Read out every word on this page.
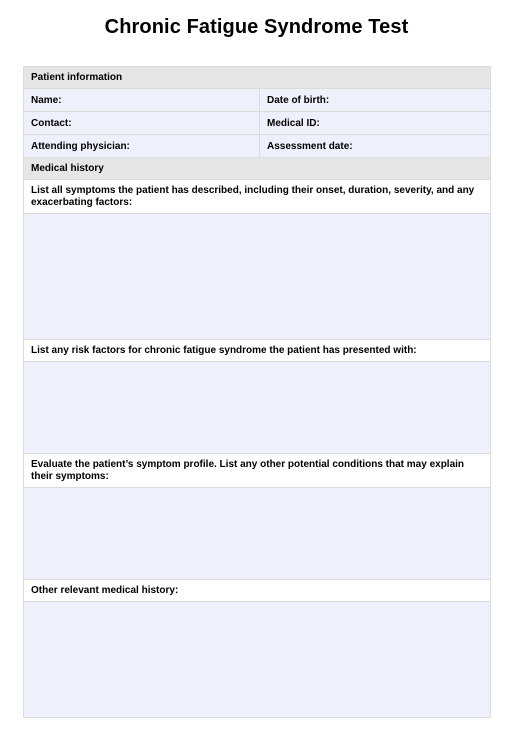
Chronic Fatigue Syndrome Test
Patient information
Name:	Date of birth:
Contact:	Medical ID:
Attending physician:	Assessment date:
Medical history
List all symptoms the patient has described, including their onset, duration, severity, and any exacerbating factors:
List any risk factors for chronic fatigue syndrome the patient has presented with:
Evaluate the patient’s symptom profile. List any other potential conditions that may explain their symptoms:
Other relevant medical history:
